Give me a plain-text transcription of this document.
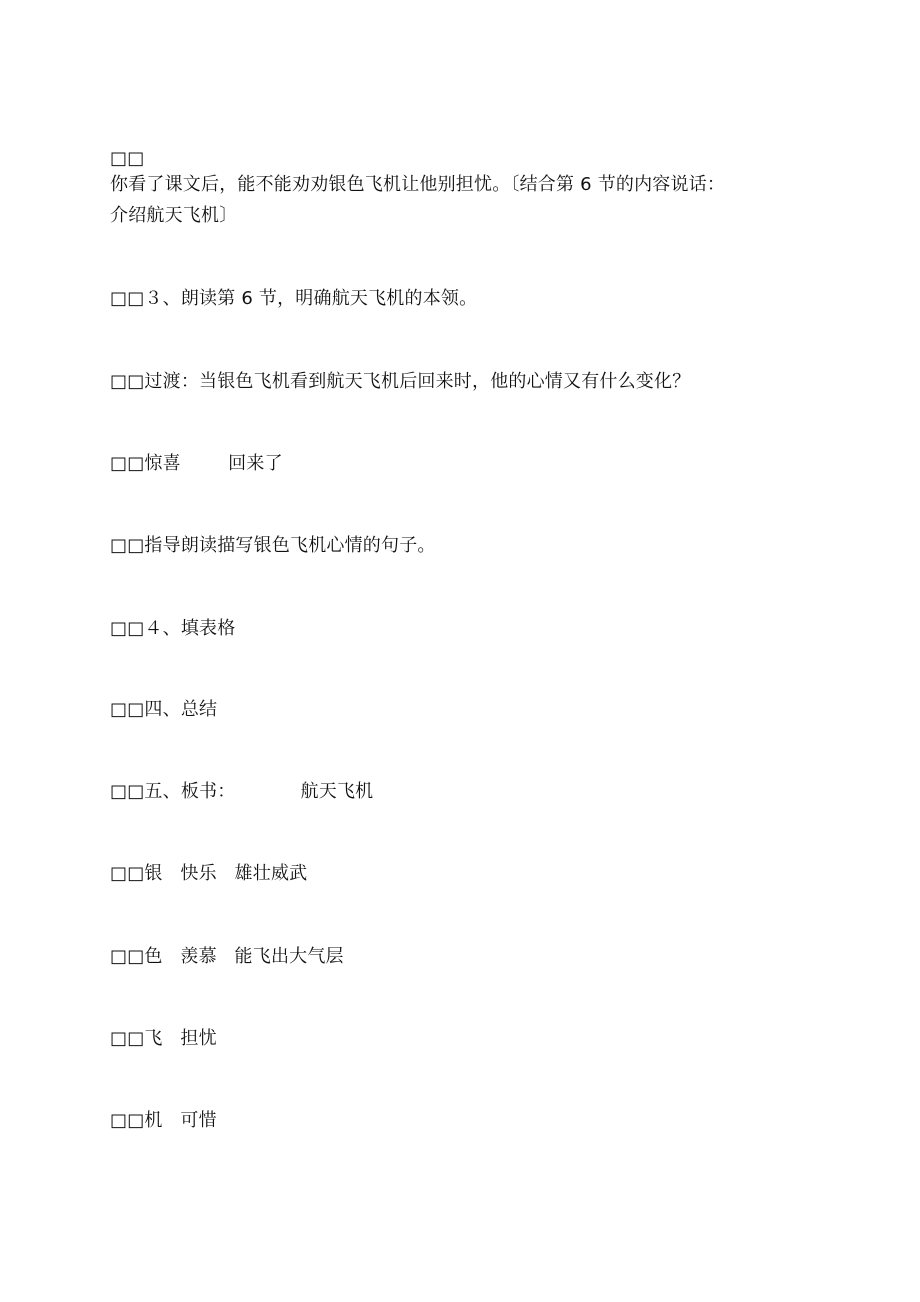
□□
你看了课文后，能不能劝劝银色飞机让他别担忧。〔结合第 6 节的内容说话：
介绍航天飞机〕
□□３、朗读第 6 节，明确航天飞机的本领。
□□过渡：当银色飞机看到航天飞机后回来时，他的心情又有什么变化？
□□惊喜        回来了
□□指导朗读描写银色飞机心情的句子。
□□４、填表格
□□四、总结
□□五、板书：           航天飞机
□□银   快乐   雄壮威武
□□色   羡慕   能飞出大气层
□□飞   担忧
□□机   可惜
